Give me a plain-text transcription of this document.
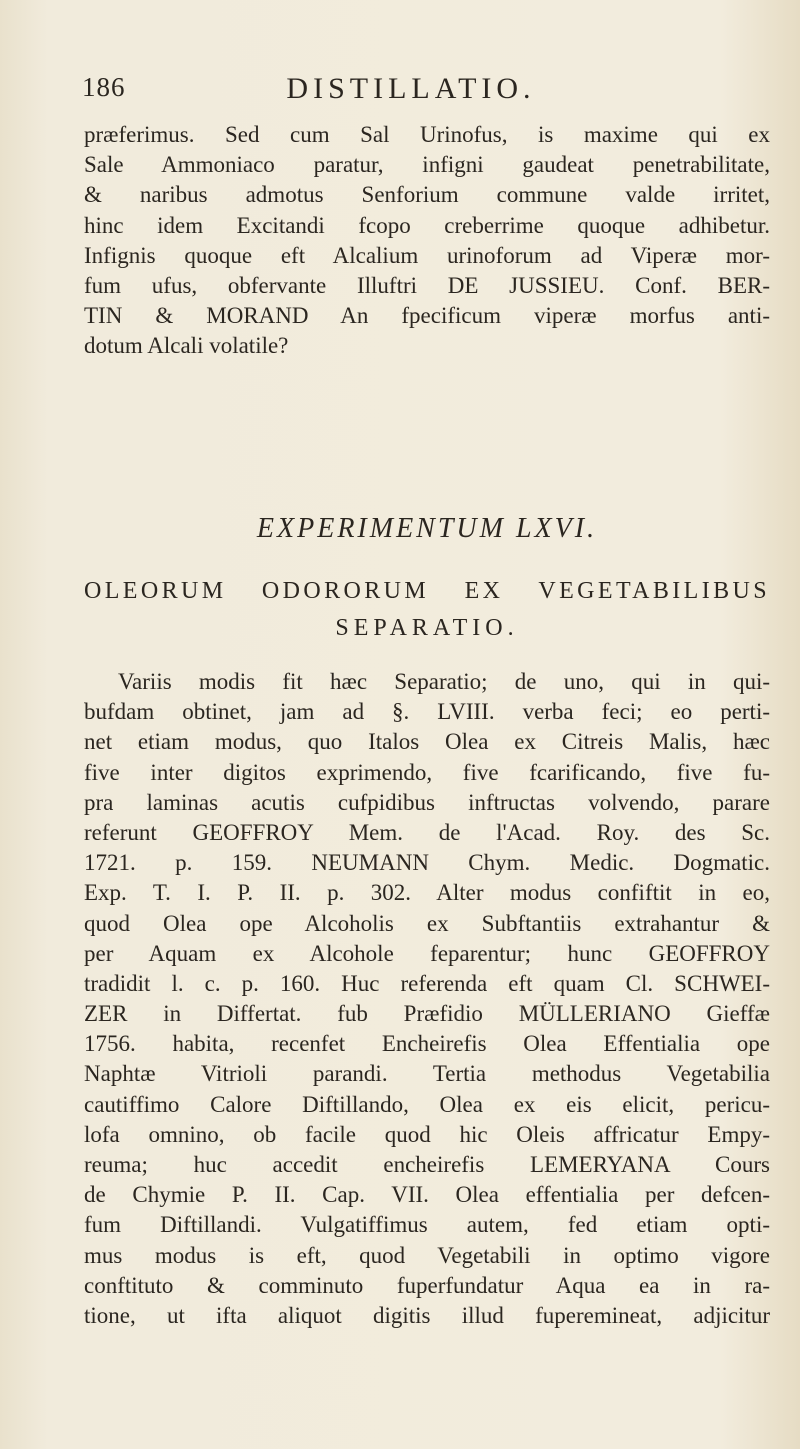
186	DISTILLATIO.
præferimus. Sed cum Sal Urinofus, is maxime qui ex
Sale Ammoniaco paratur, infigni gaudeat penetrabilitate,
& naribus admotus Senforium commune valde irritet,
hinc idem Excitandi fcopo creberrime quoque adhibetur.
Infignis quoque eft Alcalium urinoforum ad Viperæ mor-
fum ufus, obfervante Illuftri DE JUSSIEU. Conf. BER-
TIN & MORAND An fpecificum viperæ morfus anti-
dotum Alcali volatile?
EXPERIMENTUM LXVI.
OLEORUM ODORORUM EX VEGETABILIBUS
SEPARATIO.
Variis modis fit hæc Separatio; de uno, qui in qui-
bufdam obtinet, jam ad §. LVIII. verba feci; eo perti-
net etiam modus, quo Italos Olea ex Citreis Malis, hæc
five inter digitos exprimendo, five fcarificando, five fu-
pra laminas acutis cufpidibus inftructas volvendo, parare
referunt GEOFFROY Mem. de l'Acad. Roy. des Sc.
1721. p. 159. NEUMANN Chym. Medic. Dogmatic.
Exp. T. I. P. II. p. 302. Alter modus confiftit in eo,
quod Olea ope Alcoholis ex Subftantiis extrahantur &
per Aquam ex Alcohole feparentur; hunc GEOFFROY
tradidit l. c. p. 160. Huc referenda eft quam Cl. SCHWEI-
ZER in Differtat. fub Præfidio MÜLLERIANO Gieffæ
1756. habita, recenfet Encheirefis Olea Effentialia ope
Naphtæ Vitrioli parandi. Tertia methodus Vegetabilia
cautiffimo Calore Diftillando, Olea ex eis elicit, pericu-
lofa omnino, ob facile quod hic Oleis affricatur Empy-
reuma; huc accedit encheirefis LEMERYANA Cours
de Chymie P. II. Cap. VII. Olea effentialia per defcen-
fum Diftillandi. Vulgatiffimus autem, fed etiam opti-
mus modus is eft, quod Vegetabili in optimo vigore
conftituto & comminuto fuperfundatur Aqua ea in ra-
tione, ut ifta aliquot digitis illud fupereminеat, adjicitur
